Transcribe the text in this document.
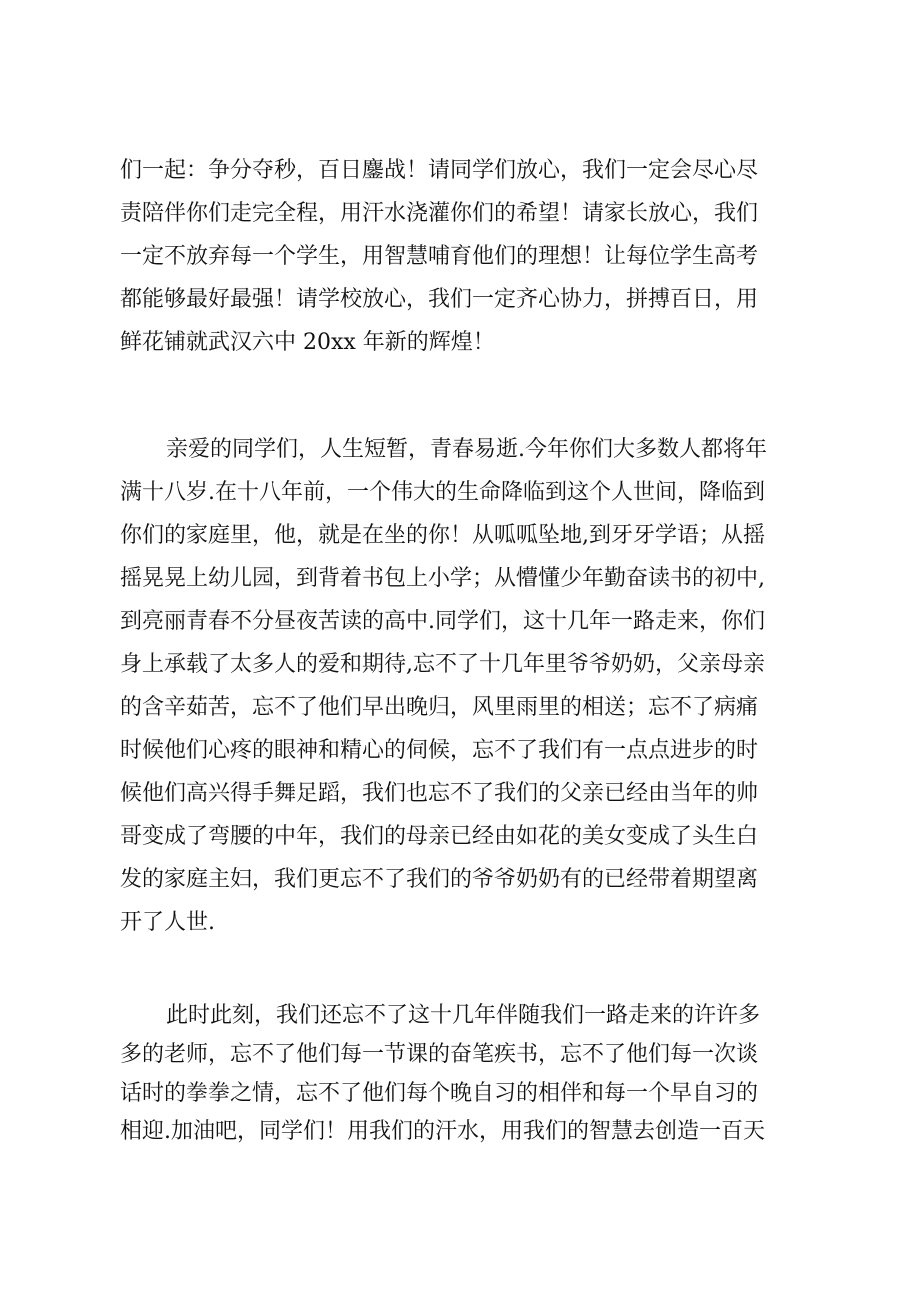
们一起：争分夺秒，百日鏖战！请同学们放心，我们一定会尽心尽
责陪伴你们走完全程，用汗水浇灌你们的希望！请家长放心，我们
一定不放弃每一个学生，用智慧哺育他们的理想！让每位学生高考
都能够最好最强！请学校放心，我们一定齐心协力，拼搏百日，用
鲜花铺就武汉六中 20xx 年新的辉煌！
亲爱的同学们，人生短暂，青春易逝.今年你们大多数人都将年
满十八岁.在十八年前，一个伟大的生命降临到这个人世间，降临到
你们的家庭里，他，就是在坐的你！从呱呱坠地,到牙牙学语；从摇
摇晃晃上幼儿园，到背着书包上小学；从懵懂少年勤奋读书的初中,
到亮丽青春不分昼夜苦读的高中.同学们，这十几年一路走来，你们
身上承载了太多人的爱和期待,忘不了十几年里爷爷奶奶，父亲母亲
的含辛茹苦，忘不了他们早出晚归，风里雨里的相送；忘不了病痛
时候他们心疼的眼神和精心的伺候，忘不了我们有一点点进步的时
候他们高兴得手舞足蹈，我们也忘不了我们的父亲已经由当年的帅
哥变成了弯腰的中年，我们的母亲已经由如花的美女变成了头生白
发的家庭主妇，我们更忘不了我们的爷爷奶奶有的已经带着期望离
开了人世.
此时此刻，我们还忘不了这十几年伴随我们一路走来的许许多
多的老师，忘不了他们每一节课的奋笔疾书，忘不了他们每一次谈
话时的拳拳之情，忘不了他们每个晚自习的相伴和每一个早自习的
相迎.加油吧，同学们！用我们的汗水，用我们的智慧去创造一百天
